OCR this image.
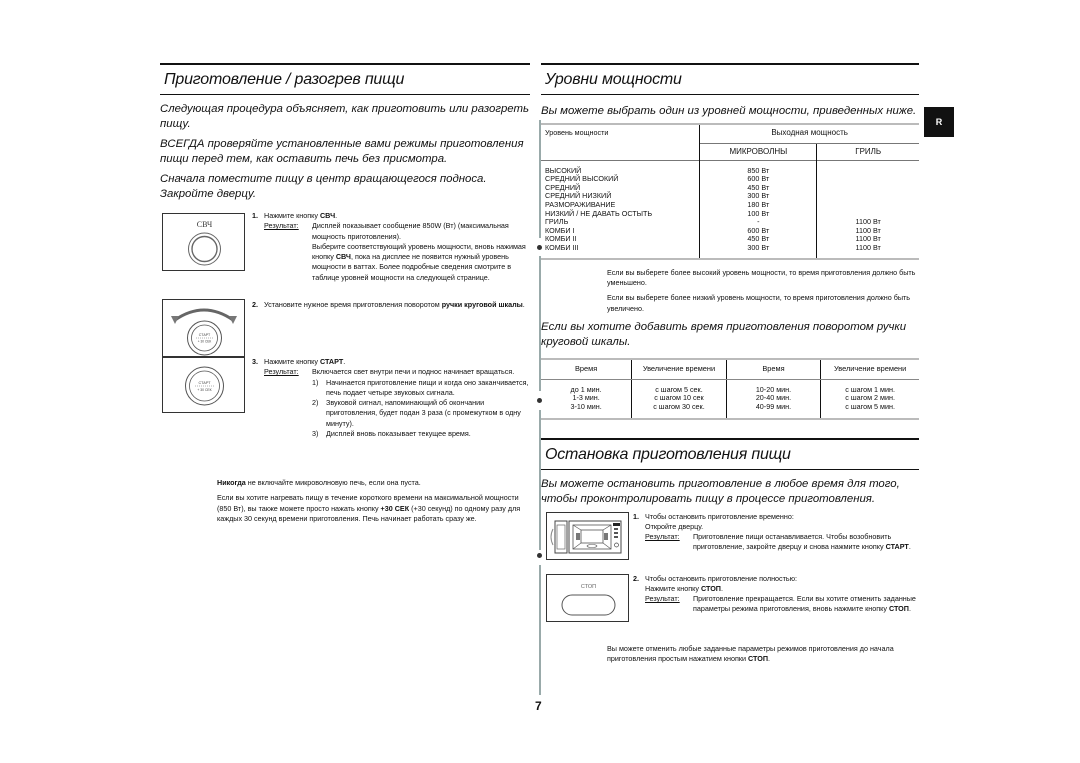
Приготовление / разогрев пищи

Следующая процедура объясняет, как приготовить или разогреть пищу.

ВСЕГДА проверяйте установленные вами режимы приготовления пищи перед тем, как оставить печь без присмотра.

Сначала поместите пищу в центр вращающегося подноса. Закройте дверцу.

СВЧ
1. Нажмите кнопку СВЧ.
Результат:	Дисплей показывает сообщение 850W (Вт) (максимальная мощность приготовления).
Выберите соответствующий уровень мощности, вновь нажимая кнопку СВЧ, пока на дисплее не появится нужный уровень мощности в ваттах. Более подробные сведения смотрите в таблице уровней мощности на следующей странице.
СТАРТ
+ 30 СЕК
2. Установите нужное время приготовления поворотом ручки круговой шкалы.
СТАРТ
+ 30 СЕК
3. Нажмите кнопку СТАРТ.
Результат:	Включается свет внутри печи и поднос начинает вращаться.
1)	Начинается приготовление пищи и когда оно заканчивается, печь подает четыре звуковых сигнала.
2)	Звуковой сигнал, напоминающий об окончании приготовления, будет подан 3 раза (с промежутком в одну минуту).
3)	Дисплей вновь показывает текущее время.

Никогда не включайте микроволновую печь, если она пуста.

Если вы хотите нагревать пищу в течение короткого времени на максимальной мощности (850 Вт), вы также можете просто нажать кнопку +30 СЕК (+30 секунд) по одному разу для каждых 30 секунд времени приготовления. Печь начинает работать сразу же.

7
Уровни мощности
Вы можете выбрать один из уровней мощности, приведенных ниже.
Уровень мощности	Выходная мощность	
	МИКРОВОЛНЫ	ГРИЛЬ

ВЫСОКИЙ	850 Вт	
СРЕДНИЙ ВЫСОКИЙ	600 Вт	
СРЕДНИЙ	450 Вт	
СРЕДНИЙ НИЗКИЙ	300 Вт	
РАЗМОРАЖИВАНИЕ	180 Вт	
НИЗКИЙ / НЕ ДАВАТЬ ОСТЫТЬ	100 Вт	
ГРИЛЬ	-	1100 Вт
КОМБИ I	600 Вт	1100 Вт
КОМБИ II	450 Вт	1100 Вт
КОМБИ III	300 Вт	1100 Вт

Если вы выберете более высокий уровень мощности, то время приготовления должно быть уменьшено.

Если вы выберете более низкий уровень мощности, то время приготовления должно быть увеличено.

Если вы хотите добавить время приготовления поворотом ручки круговой шкалы.
Время	Увеличение времени	Время	Увеличение времени
до 1 мин.	с шагом 5 сек.	10-20 мин.	с шагом 1 мин.
1-3 мин.	с шагом 10 сек	20-40 мин.	с шагом 2 мин.
3-10 мин.	с шагом 30 сек.	40-99 мин.	с шагом 5 мин.
Остановка приготовления пищи
Вы можете остановить приготовление в любое время для того, чтобы проконтролировать пищу в процессе приготовления.
1. Чтобы остановить приготовление временно:
Откройте дверцу.
Результат:	Приготовление пищи останавливается. Чтобы возобновить приготовление, закройте дверцу и снова нажмите кнопку СТАРТ.
СТОП
2. Чтобы остановить приготовление полностью:
Нажмите кнопку СТОП.
Результат:	Приготовление прекращается. Если вы хотите отменить заданные параметры режима приготовления, вновь нажмите кнопку СТОП.

Вы можете отменить любые заданные параметры режимов приготовления до начала приготовления простым нажатием кнопки СТОП.

R
